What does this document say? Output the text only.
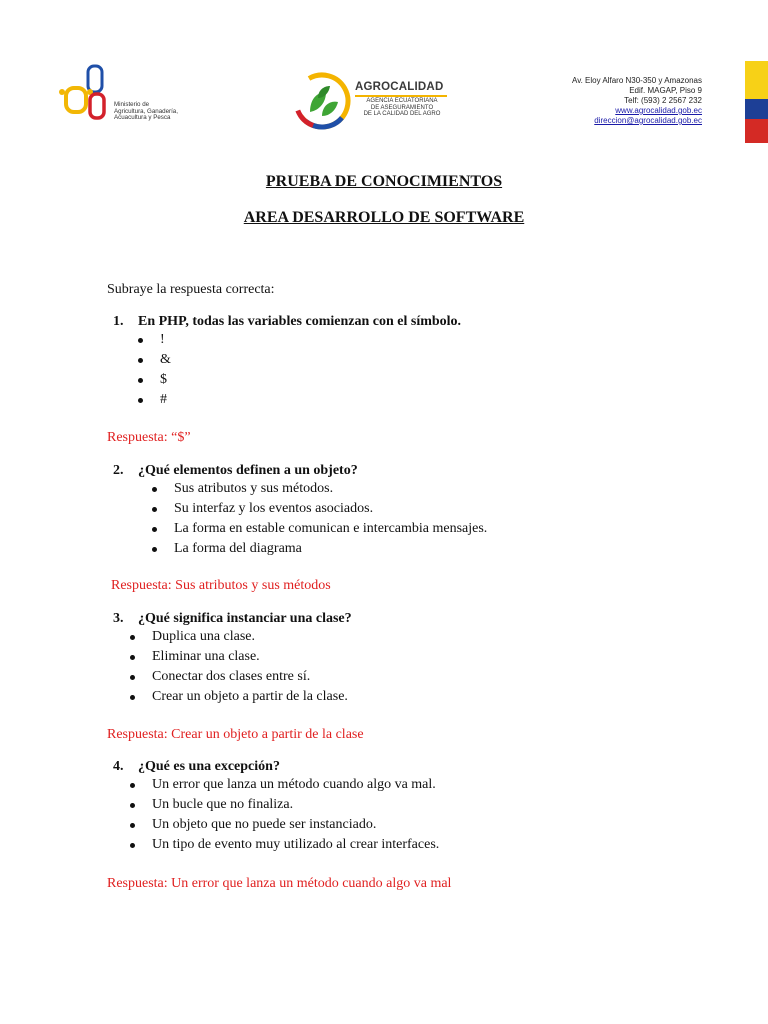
Ministerio de
Agricultura, Ganadería,
Acuacultura y Pesca
AGROCALIDAD
AGENCIA ECUATORIANA
DE ASEGURAMIENTO
DE LA CALIDAD DEL AGRO
Av. Eloy Alfaro N30-350 y Amazonas
Edif. MAGAP, Piso 9
Telf: (593) 2 2567 232
www.agrocalidad.gob.ec
direccion@agrocalidad.gob.ec
PRUEBA DE CONOCIMIENTOS
AREA DESARROLLO DE SOFTWARE
Subraye la respuesta correcta:
1.	En PHP, todas las variables comienzan con el símbolo.
!
&
$
#
Respuesta: “$”
2.	¿Qué elementos definen a un objeto?
Sus atributos y sus métodos.
Su interfaz y los eventos asociados.
La forma en estable comunican e intercambia mensajes.
La forma del diagrama
Respuesta: Sus atributos y sus métodos
3.	¿Qué significa instanciar una clase?
Duplica una clase.
Eliminar una clase.
Conectar dos clases entre sí.
Crear un objeto a partir de la clase.
Respuesta: Crear un objeto a partir de la clase
4.	¿Qué es una excepción?
Un error que lanza un método cuando algo va mal.
Un bucle que no finaliza.
Un objeto que no puede ser instanciado.
Un tipo de evento muy utilizado al crear interfaces.
Respuesta: Un error que lanza un método cuando algo va mal
